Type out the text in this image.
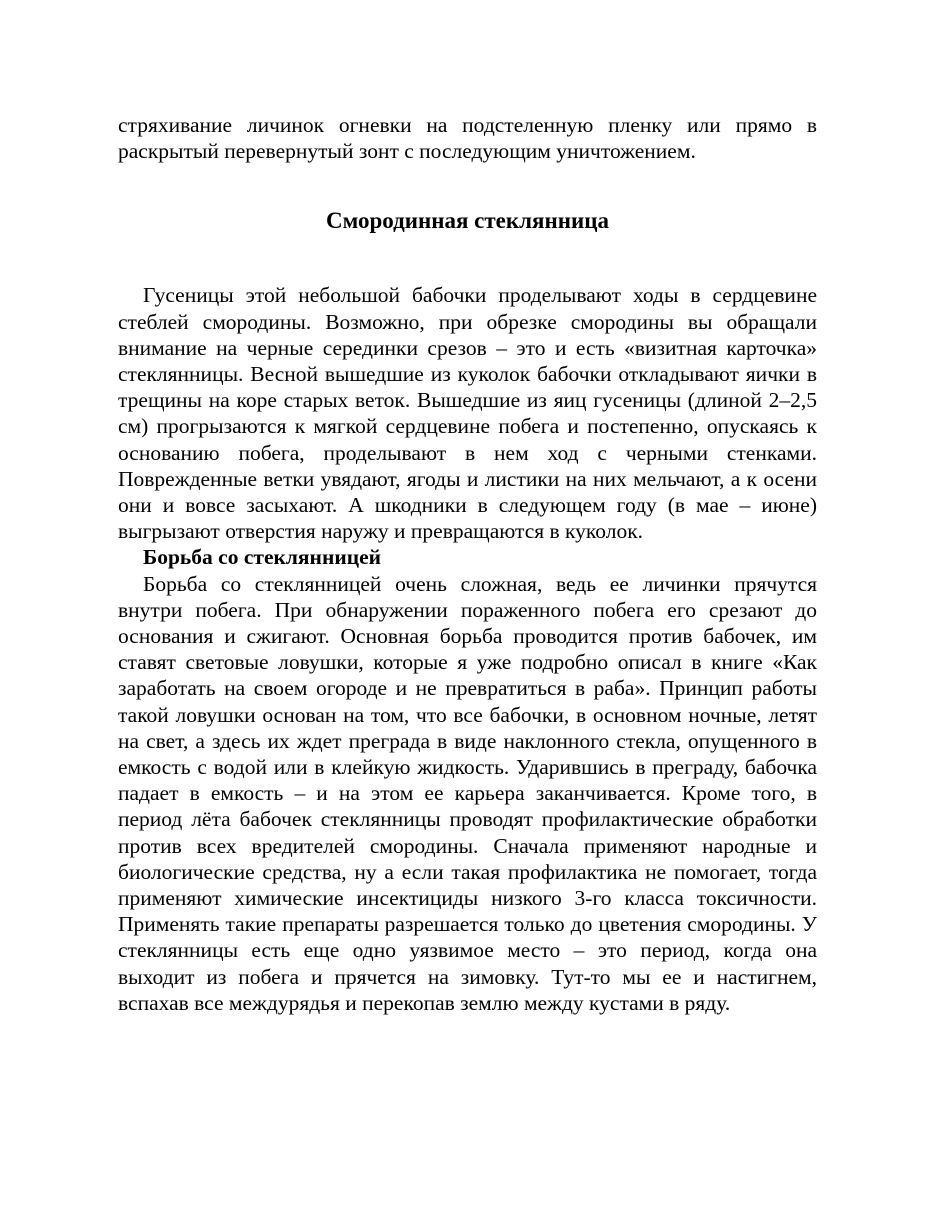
стряхивание личинок огневки на подстеленную пленку или прямо в раскрытый перевернутый зонт с последующим уничтожением.

Смородинная стеклянница

Гусеницы этой небольшой бабочки проделывают ходы в сердцевине стеблей смородины. Возможно, при обрезке смородины вы обращали внимание на черные серединки срезов – это и есть «визитная карточка» стеклянницы. Весной вышедшие из куколок бабочки откладывают яички в трещины на коре старых веток. Вышедшие из яиц гусеницы (длиной 2–2,5 см) прогрызаются к мягкой сердцевине побега и постепенно, опускаясь к основанию побега, проделывают в нем ход с черными стенками. Поврежденные ветки увядают, ягоды и листики на них мельчают, а к осени они и вовсе засыхают. А шкодники в следующем году (в мае – июне) выгрызают отверстия наружу и превращаются в куколок.

Борьба со стеклянницей

Борьба со стеклянницей очень сложная, ведь ее личинки прячутся внутри побега. При обнаружении пораженного побега его срезают до основания и сжигают. Основная борьба проводится против бабочек, им ставят световые ловушки, которые я уже подробно описал в книге «Как заработать на своем огороде и не превратиться в раба». Принцип работы такой ловушки основан на том, что все бабочки, в основном ночные, летят на свет, а здесь их ждет преграда в виде наклонного стекла, опущенного в емкость с водой или в клейкую жидкость. Ударившись в преграду, бабочка падает в емкость – и на этом ее карьера заканчивается. Кроме того, в период лёта бабочек стеклянницы проводят профилактические обработки против всех вредителей смородины. Сначала применяют народные и биологические средства, ну а если такая профилактика не помогает, тогда применяют химические инсектициды низкого 3-го класса токсичности. Применять такие препараты разрешается только до цветения смородины. У стеклянницы есть еще одно уязвимое место – это период, когда она выходит из побега и прячется на зимовку. Тут-то мы ее и настигнем, вспахав все междурядья и перекопав землю между кустами в ряду.
